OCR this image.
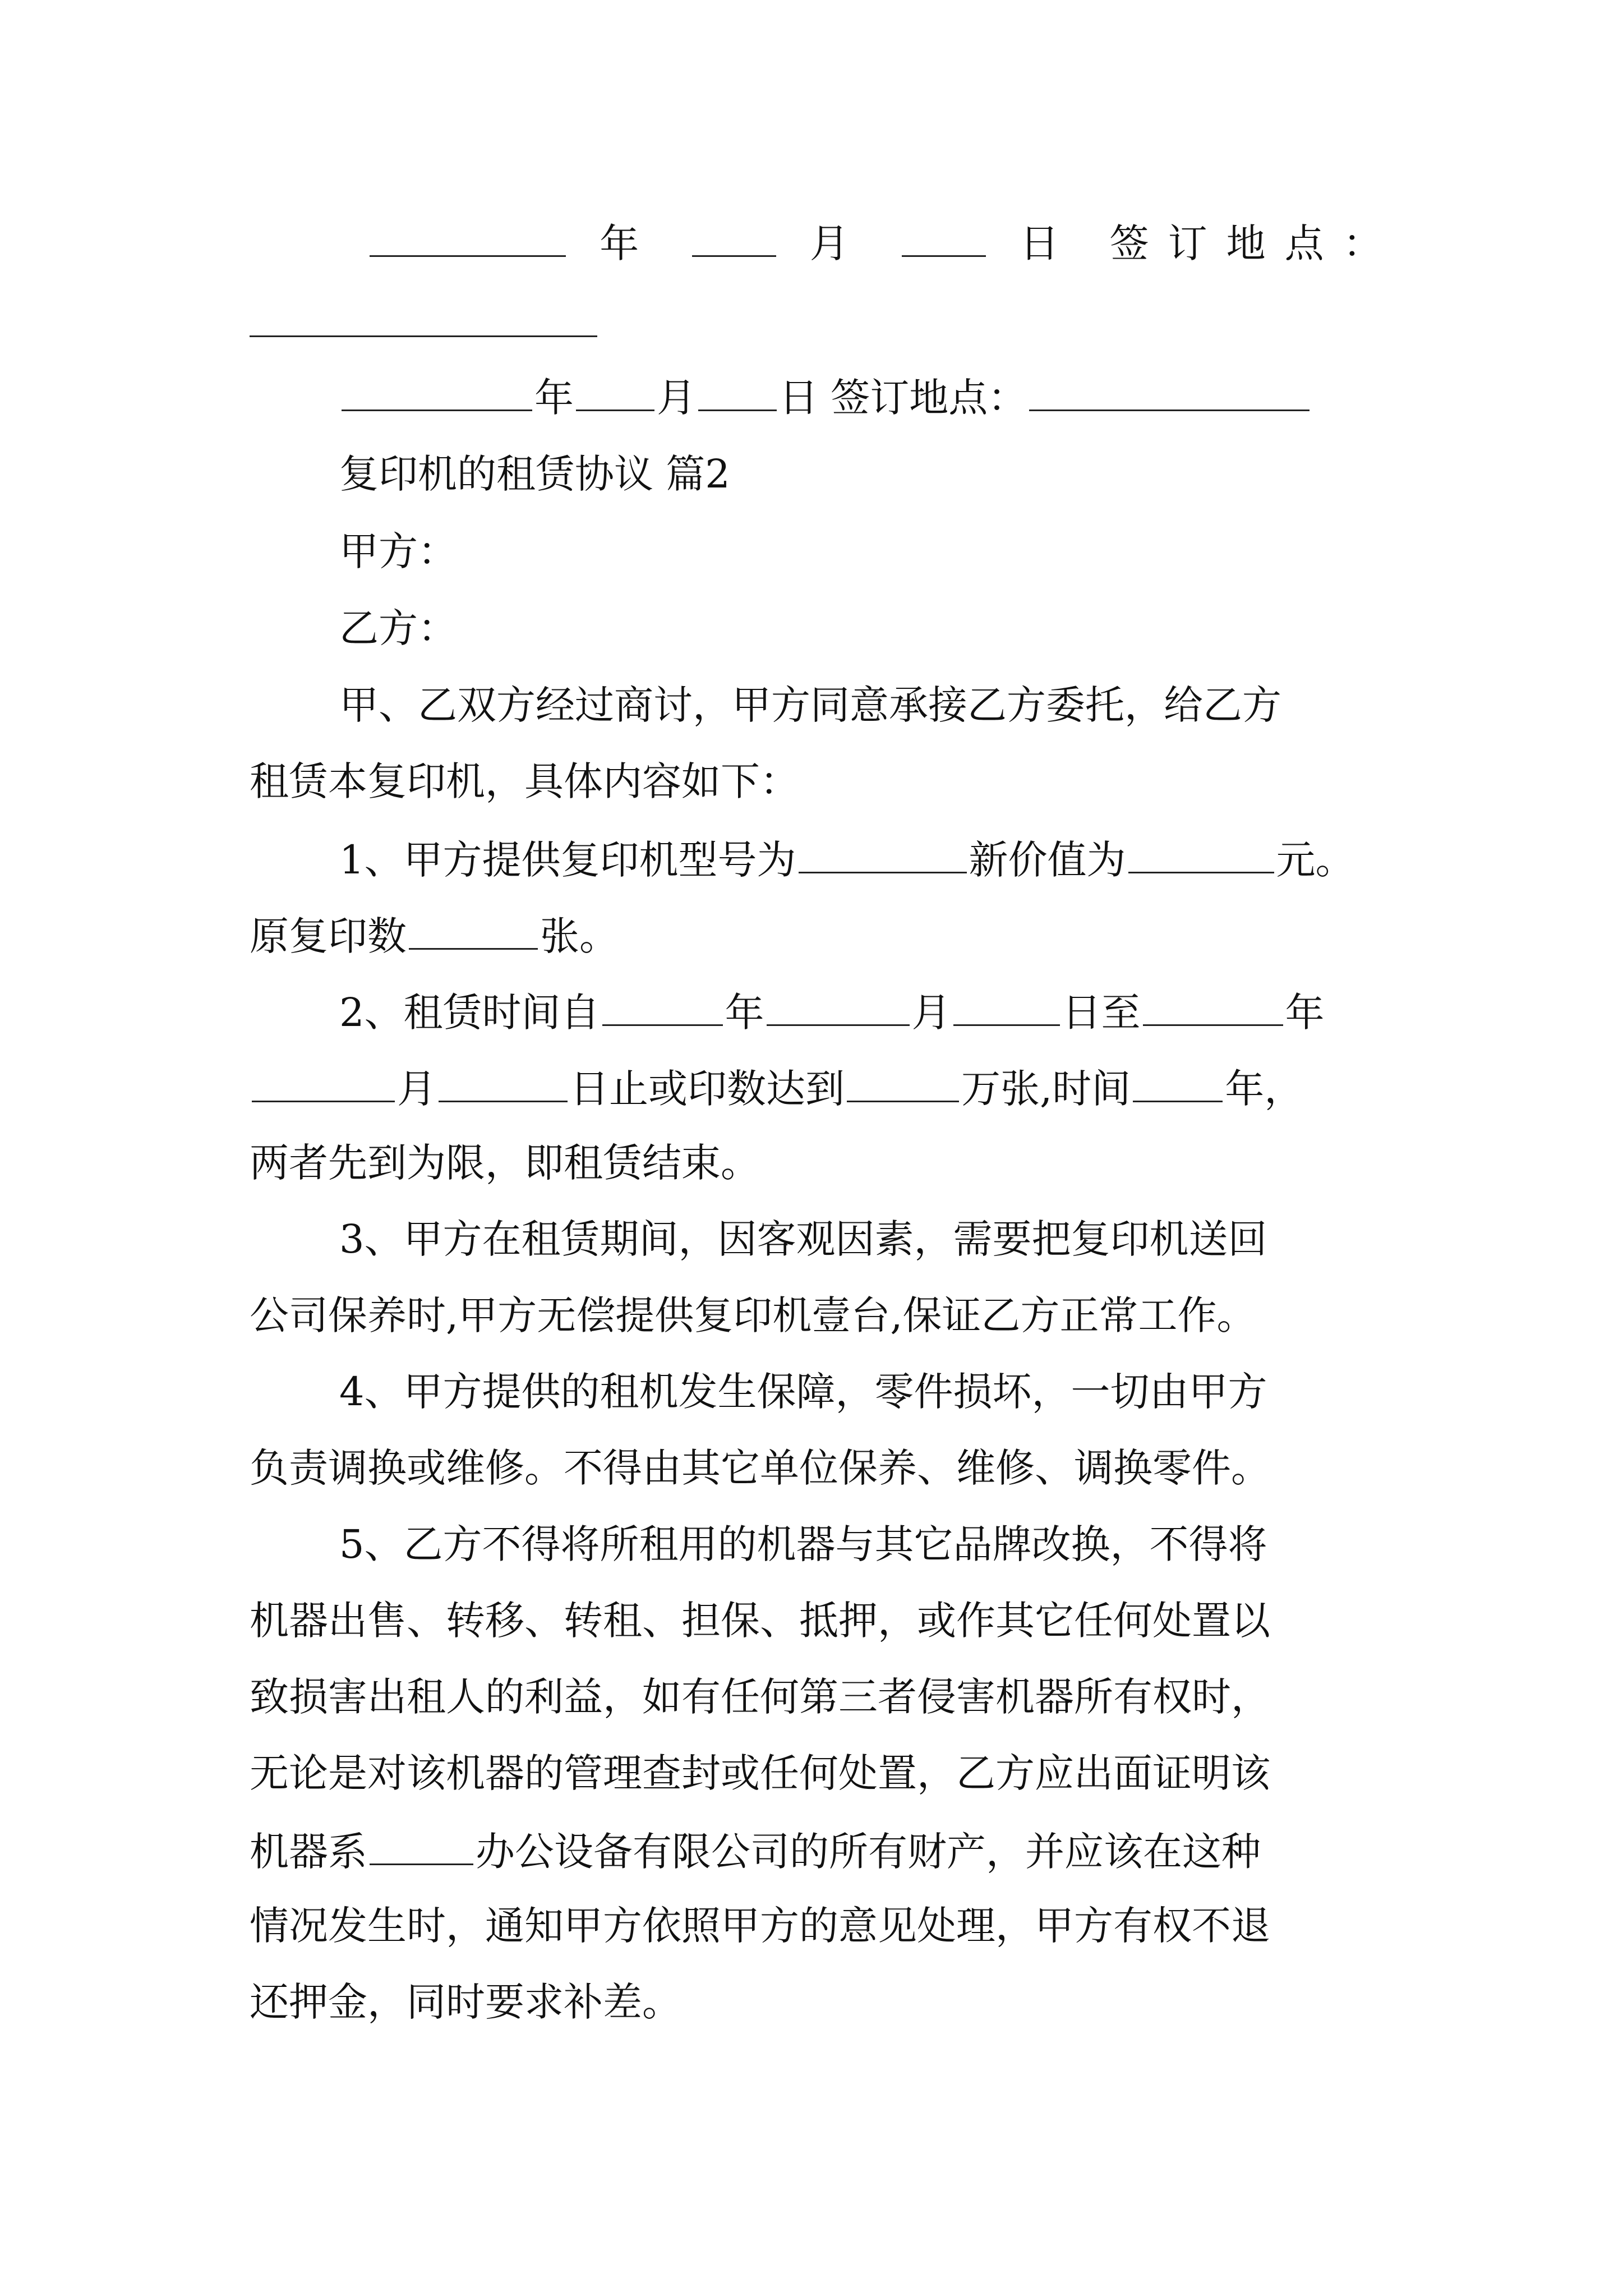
年	月	日 签订地点：
年 月 日 签订地点：
复印机的租赁协议 篇2
甲方：
乙方：
甲、乙双方经过商讨，甲方同意承接乙方委托，给乙方
租赁本复印机，具体内容如下：
1、甲方提供复印机型号为	新价值为	元。
原复印数	张。
2、租赁时间自	年	月	日至	年
月	日止或印数达到	万张,时间 年，
两者先到为限，即租赁结束。
3、甲方在租赁期间，因客观因素，需要把复印机送回
公司保养时,甲方无偿提供复印机壹台,保证乙方正常工作。
4、甲方提供的租机发生保障，零件损坏，一切由甲方
负责调换或维修。不得由其它单位保养、维修、调换零件。
5、乙方不得将所租用的机器与其它品牌改换，不得将
机器出售、转移、转租、担保、抵押，或作其它任何处置以
致损害出租人的利益，如有任何第三者侵害机器所有权时，
无论是对该机器的管理查封或任何处置，乙方应出面证明该
机器系	办公设备有限公司的所有财产，并应该在这种
情况发生时，通知甲方依照甲方的意见处理，甲方有权不退
还押金，同时要求补差。
